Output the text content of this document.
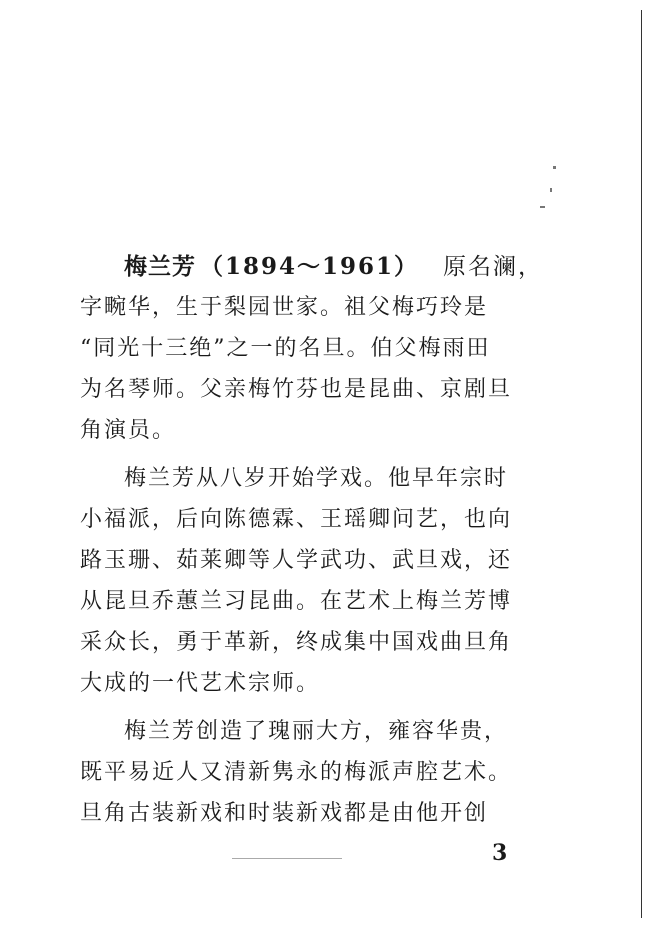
梅兰芳 （1894～1961） 原名澜，
字畹华，生于梨园世家。祖父梅巧玲是
“同光十三绝”之一的名旦。伯父梅雨田
为名琴师。父亲梅竹芬也是昆曲、京剧旦
角演员。
梅兰芳从八岁开始学戏。他早年宗时
小福派，后向陈德霖、王瑶卿问艺，也向
路玉珊、茹莱卿等人学武功、武旦戏，还
从昆旦乔蕙兰习昆曲。在艺术上梅兰芳博
采众长，勇于革新，终成集中国戏曲旦角
大成的一代艺术宗师。
梅兰芳创造了瑰丽大方，雍容华贵，
既平易近人又清新隽永的梅派声腔艺术。
旦角古装新戏和时装新戏都是由他开创
3
